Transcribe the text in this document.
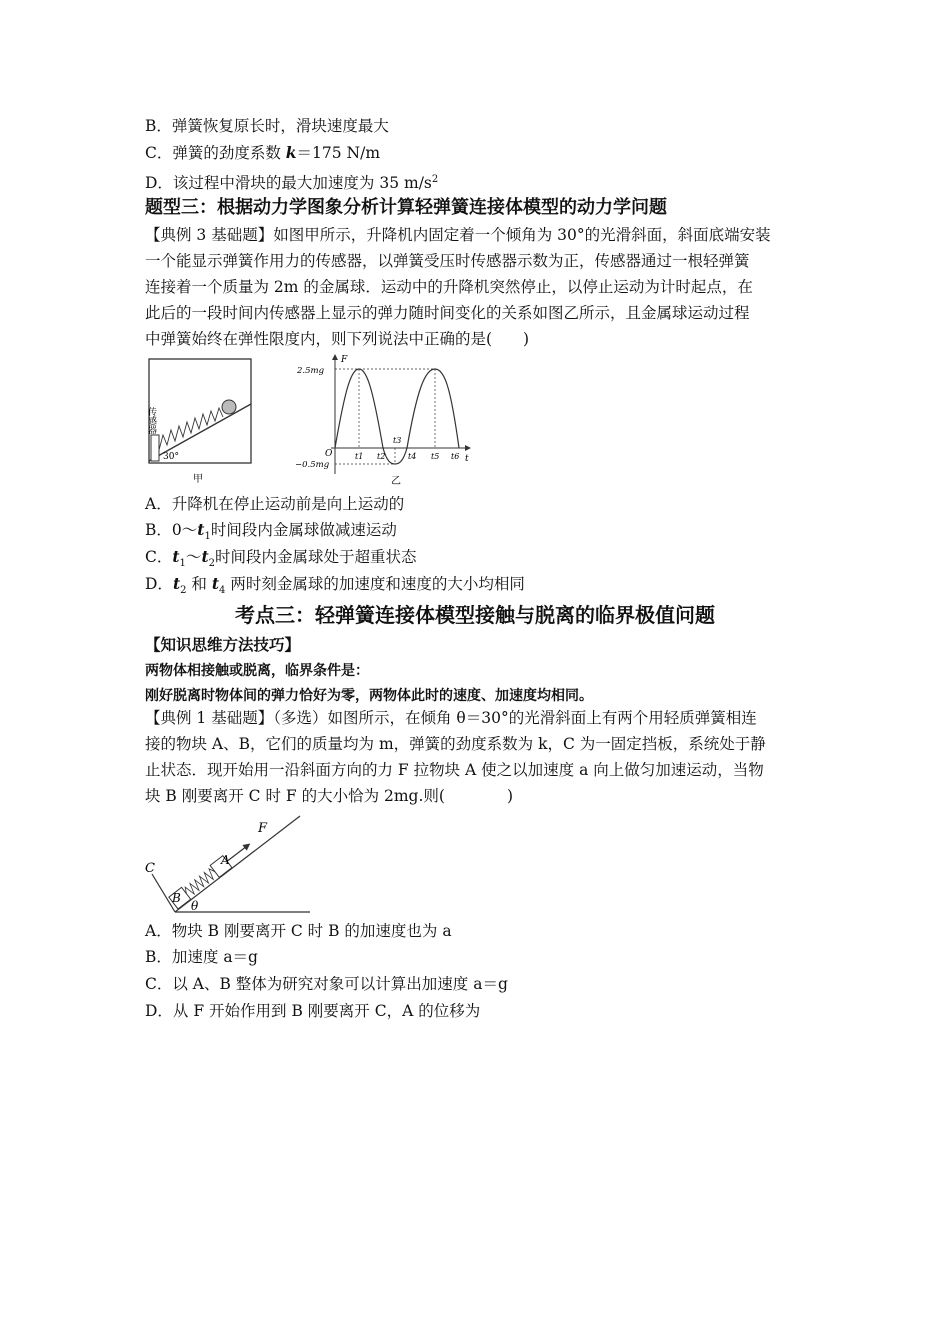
B．弹簧恢复原长时，滑块速度最大
C．弹簧的劲度系数 k＝175 N/m
D．该过程中滑块的最大加速度为 35 $m/s^2$
题型三：根据动力学图象分析计算轻弹簧连接体模型的动力学问题
【典例 3 基础题】如图甲所示，升降机内固定着一个倾角为 30°的光滑斜面，斜面底端安装
一个能显示弹簧作用力的传感器，以弹簧受压时传感器示数为正，传感器通过一根轻弹簧
连接着一个质量为 2m 的金属球．运动中的升降机突然停止，以停止运动为计时起点，在
此后的一段时间内传感器上显示的弹力随时间变化的关系如图乙所示，且金属球运动过程
中弹簧始终在弹性限度内，则下列说法中正确的是(　　)
传感器
30°
甲
F
t
O
2.5mg
−0.5mg
t1 t2
t3
t4 t5 t6
乙
A．升降机在停止运动前是向上运动的
B．$0\sim t_1$时间段内金属球做减速运动
C．$t_1\sim t_2$时间段内金属球处于超重状态
D．$t_2$ 和 $t_4$ 两时刻金属球的加速度和速度的大小均相同
考点三：轻弹簧连接体模型接触与脱离的临界极值问题
【知识思维方法技巧】
两物体相接触或脱离，临界条件是：
刚好脱离时物体间的弹力恰好为零，两物体此时的速度、加速度均相同。
【典例 1 基础题】（多选）如图所示，在倾角 θ＝30°的光滑斜面上有两个用轻质弹簧相连
接的物块 A、B，它们的质量均为 m，弹簧的劲度系数为 k，C 为一固定挡板，系统处于静
止状态．现开始用一沿斜面方向的力 F 拉物块 A 使之以加速度 a 向上做匀加速运动，当物
块 B 刚要离开 C 时 F 的大小恰为 2mg.则(　　　　)
C
B
A
F
θ
A．物块 B 刚要离开 C 时 B 的加速度也为 a
B．加速度 a＝g
C．以 A、B 整体为研究对象可以计算出加速度 a＝g
D．从 F 开始作用到 B 刚要离开 C，A 的位移为
